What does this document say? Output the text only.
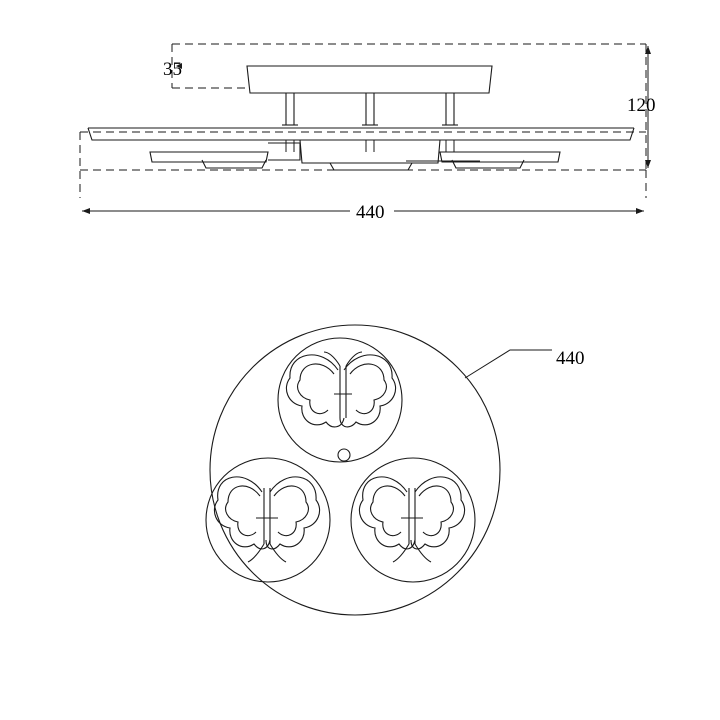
35
120
440
440
